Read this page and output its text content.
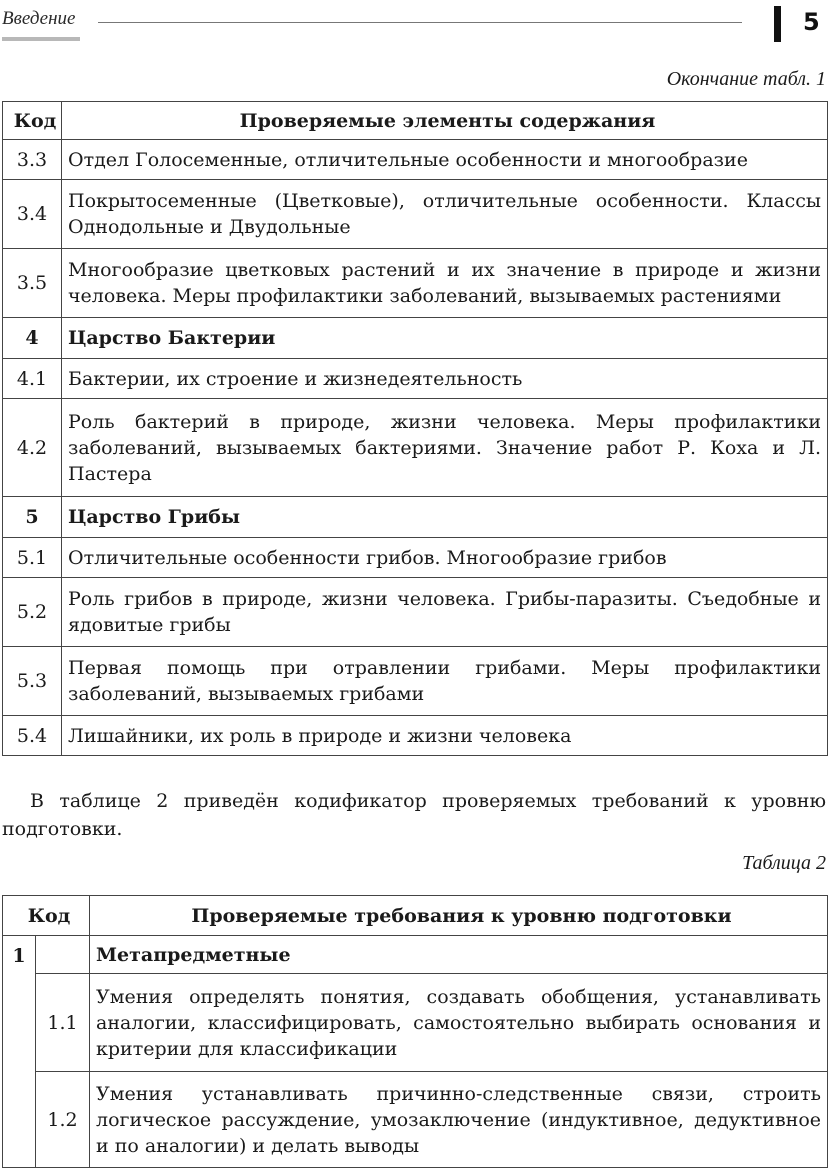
Введение	5
Окончание табл. 1
Код	Проверяемые элементы содержания
3.3	Отдел Голосеменные, отличительные особенности и многообразие
3.4	Покрытосеменные (Цветковые), отличительные особенности. Классы Однодольные и Двудольные
3.5	Многообразие цветковых растений и их значение в природе и жизни человека. Меры профилактики заболеваний, вызываемых растениями
4	Царство Бактерии
4.1	Бактерии, их строение и жизнедеятельность
4.2	Роль бактерий в природе, жизни человека. Меры профилактики заболеваний, вызываемых бактериями. Значение работ Р. Коха и Л. Пастера
5	Царство Грибы
5.1	Отличительные особенности грибов. Многообразие грибов
5.2	Роль грибов в природе, жизни человека. Грибы-паразиты. Съедобные и ядовитые грибы
5.3	Первая помощь при отравлении грибами. Меры профилактики заболеваний, вызываемых грибами
5.4	Лишайники, их роль в природе и жизни человека
В таблице 2 приведён кодификатор проверяемых требований к уровню подготовки.
Таблица 2
Код		Проверяемые требования к уровню подготовки
1		Метапредметные
	1.1	Умения определять понятия, создавать обобщения, устанавливать аналогии, классифицировать, самостоятельно выбирать основания и критерии для классификации
	1.2	Умения устанавливать причинно-следственные связи, строить логическое рассуждение, умозаключение (индуктивное, дедуктивное и по аналогии) и делать выводы
